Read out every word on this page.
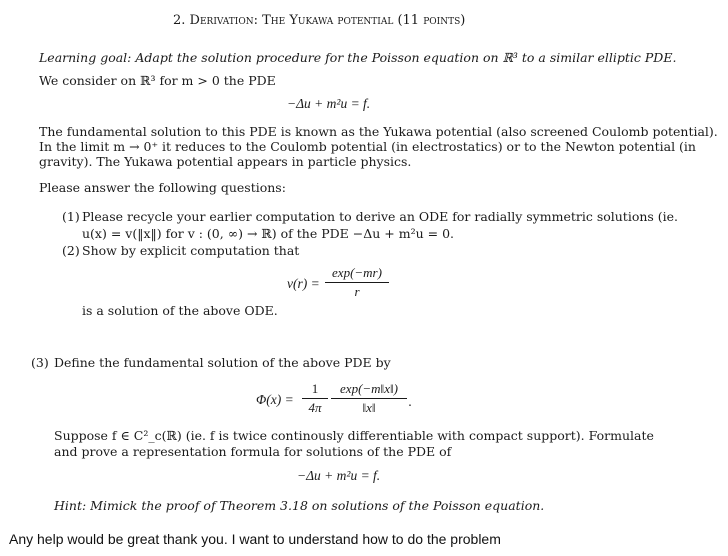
2. Derivation: The Yukawa potential (11 points)
Learning goal: Adapt the solution procedure for the Poisson equation on ℝ³ to a similar elliptic PDE.
We consider on ℝ³ for m > 0 the PDE
−Δu + m²u = f.
The fundamental solution to this PDE is known as the Yukawa potential (also screened Coulomb potential).
In the limit m → 0⁺ it reduces to the Coulomb potential (in electrostatics) or to the Newton potential (in
gravity). The Yukawa potential appears in particle physics.
Please answer the following questions:
(1) Please recycle your earlier computation to derive an ODE for radially symmetric solutions (ie.
u(x) = v(‖x‖) for v : (0, ∞) → ℝ) of the PDE −Δu + m²u = 0.
(2) Show by explicit computation that
v(r) =
exp(−mr)
r
is a solution of the above ODE.
(3) Define the fundamental solution of the above PDE by
Φ(x) =
1
4π
exp(−m‖x‖)
‖x‖	.
Suppose f ∈ C²_c(ℝ) (ie. f is twice continously differentiable with compact support). Formulate
and prove a representation formula for solutions of the PDE of
−Δu + m²u = f.
Hint: Mimick the proof of Theorem 3.18 on solutions of the Poisson equation.
Any help would be great thank you. I want to understand how to do the problem
